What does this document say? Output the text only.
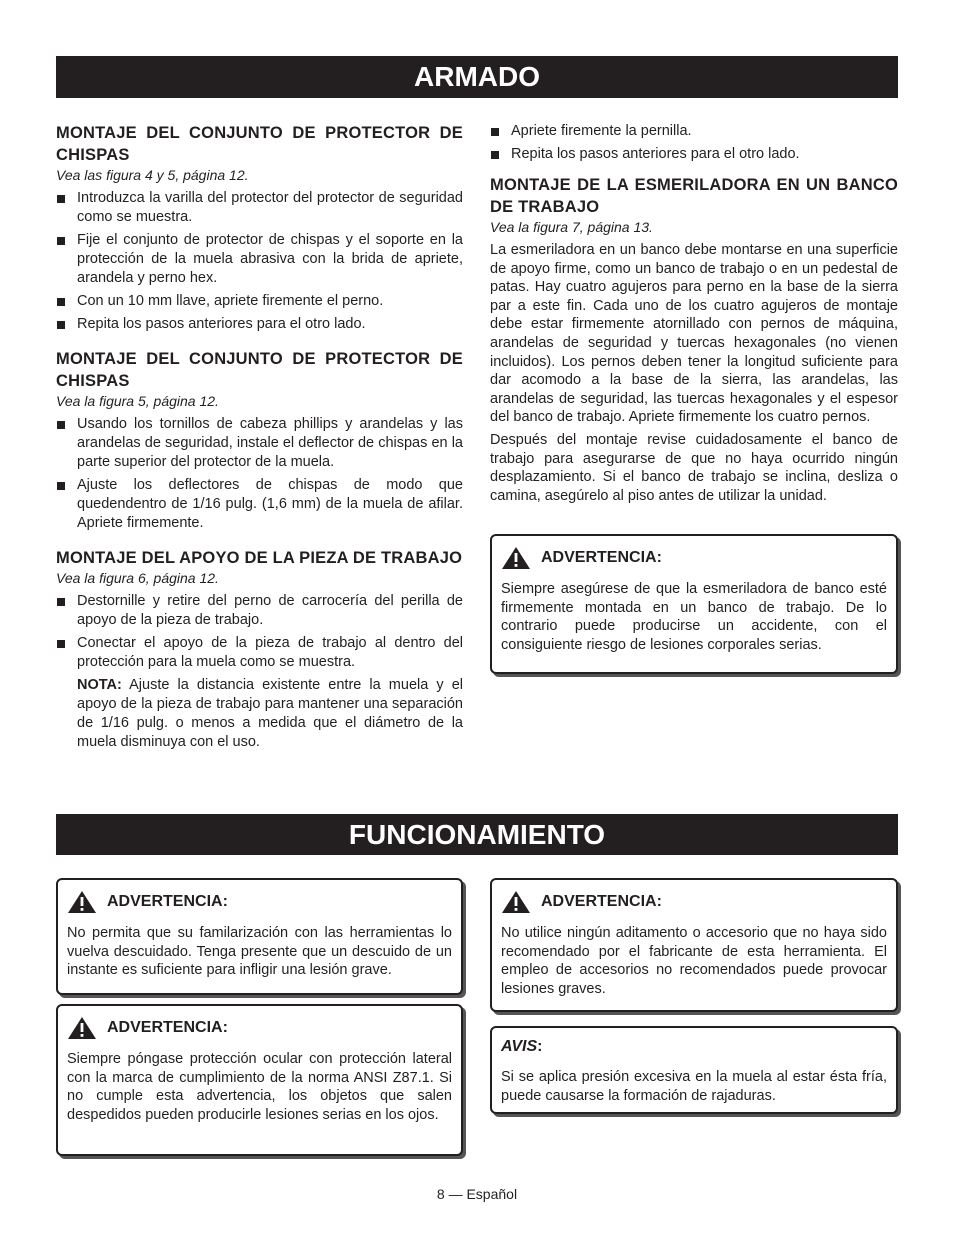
ARMADO
MONTAJE DEL CONJUNTO DE PROTECTOR DE CHISPAS

Vea las figura 4 y 5, página 12.

Introduzca la varilla del protector del protector de seguridad como se muestra.
Fije el conjunto de protector de chispas y el soporte en la protección de la muela abrasiva con la brida de apriete, arandela y perno hex.
Con un 10 mm llave, apriete firemente el perno.
Repita los pasos anteriores para el otro lado.
MONTAJE DEL CONJUNTO DE PROTECTOR DE CHISPAS

Vea la figura 5, página 12.

Usando los tornillos de cabeza phillips y arandelas y las arandelas de seguridad, instale el deflector de chispas en la parte superior del protector de la muela.
Ajuste los deflectores de chispas de modo que quedendentro de 1/16 pulg. (1,6 mm) de la muela de afilar. Apriete firmemente.
MONTAJE DEL APOYO DE LA PIEZA DE TRABAJO

Vea la figura 6, página 12.

Destornille y retire del perno de carrocería del perilla de apoyo de la pieza de trabajo.
Conectar el apoyo de la pieza de trabajo al dentro del protección para la muela como se muestra.

NOTA: Ajuste la distancia existente entre la muela y el apoyo de la pieza de trabajo para mantener una separación de 1/16 pulg. o menos a medida que el diámetro de la muela disminuya con el uso.

Apriete firemente la pernilla.
Repita los pasos anteriores para el otro lado.
MONTAJE DE LA ESMERILADORA EN UN BANCO DE TRABAJO

Vea la figura 7, página 13.

La esmeriladora en un banco debe montarse en una superficie de apoyo firme, como un banco de trabajo o en un pedestal de patas. Hay cuatro agujeros para perno en la base de la sierra par a este fin. Cada uno de los cuatro agujeros de montaje debe estar firmemente atornillado con pernos de máquina, arandelas de seguridad y tuercas hexagonales (no vienen incluidos). Los pernos deben tener la longitud suficiente para dar acomodo a la base de la sierra, las arandelas, las arandelas de seguridad, las tuercas hexagonales y el espesor del banco de trabajo. Apriete firmemente los cuatro pernos.

Después del montaje revise cuidadosamente el banco de trabajo para asegurarse de que no haya ocurrido ningún desplazamiento. Si el banco de trabajo se inclina, desliza o camina, asegúrelo al piso antes de utilizar la unidad.

ADVERTENCIA:
Siempre asegúrese de que la esmeriladora de banco esté firmemente montada en un banco de trabajo. De lo contrario puede producirse un accidente, con el consiguiente riesgo de lesiones corporales serias.
FUNCIONAMIENTO
ADVERTENCIA:
No permita que su familarización con las herramientas lo vuelva descuidado. Tenga presente que un descuido de un instante es suficiente para infligir una lesión grave.
ADVERTENCIA:
Siempre póngase protección ocular con protección lateral con la marca de cumplimiento de la norma ANSI Z87.1. Si no cumple esta advertencia, los objetos que salen despedidos pueden producirle lesiones serias en los ojos.
ADVERTENCIA:
No utilice ningún aditamento o accesorio que no haya sido recomendado por el fabricante de esta herramienta. El empleo de accesorios no recomendados puede provocar lesiones graves.
AVIS:
Si se aplica presión excesiva en la muela al estar ésta fría, puede causarse la formación de rajaduras.
8 — Español
